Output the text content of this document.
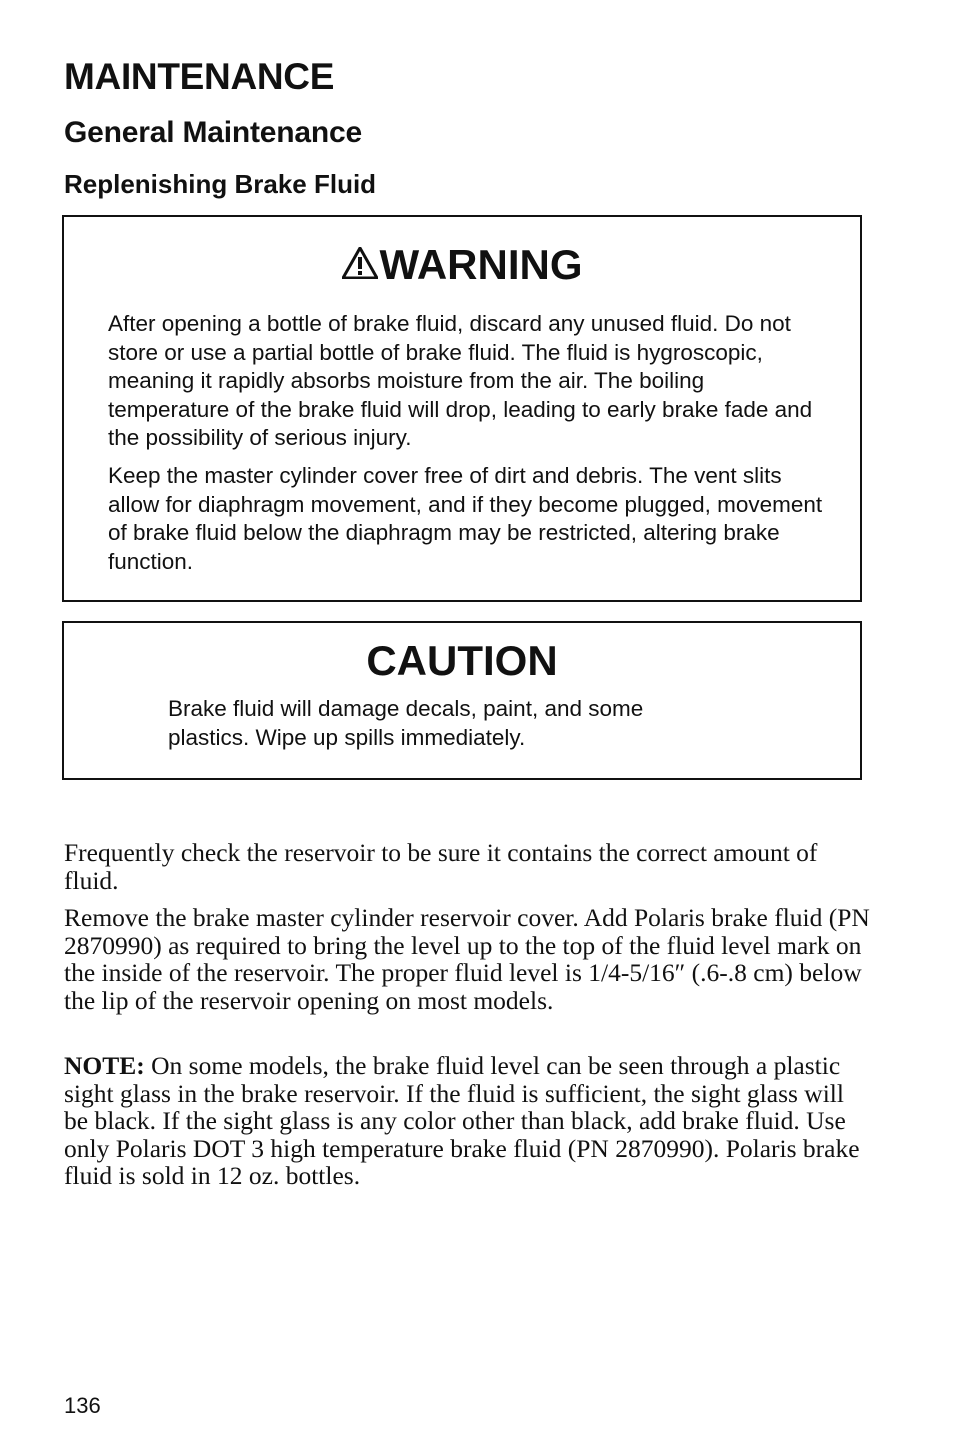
MAINTENANCE
General Maintenance
Replenishing Brake Fluid
WARNING

After opening a bottle of brake fluid, discard any unused fluid. Do not store or use a partial bottle of brake fluid. The fluid is hygroscopic, meaning it rapidly absorbs moisture from the air. The boiling temperature of the brake fluid will drop, leading to early brake fade and the possibility of serious injury.

Keep the master cylinder cover free of dirt and debris. The vent slits allow for diaphragm movement, and if they become plugged, movement of brake fluid below the diaphragm may be restricted, altering brake function.

CAUTION

Brake fluid will damage decals, paint, and some plastics. Wipe up spills immediately.

Frequently check the reservoir to be sure it contains the correct amount of fluid.

Remove the brake master cylinder reservoir cover. Add Polaris brake fluid (PN 2870990) as required to bring the level up to the top of the fluid level mark on the inside of the reservoir. The proper fluid level is 1/4-5/16″ (.6-.8 cm) below the lip of the reservoir opening on most models.

NOTE: On some models, the brake fluid level can be seen through a plastic sight glass in the brake reservoir. If the fluid is sufficient, the sight glass will be black. If the sight glass is any color other than black, add brake fluid. Use only Polaris DOT 3 high temperature brake fluid (PN 2870990). Polaris brake fluid is sold in 12 oz. bottles.

136
